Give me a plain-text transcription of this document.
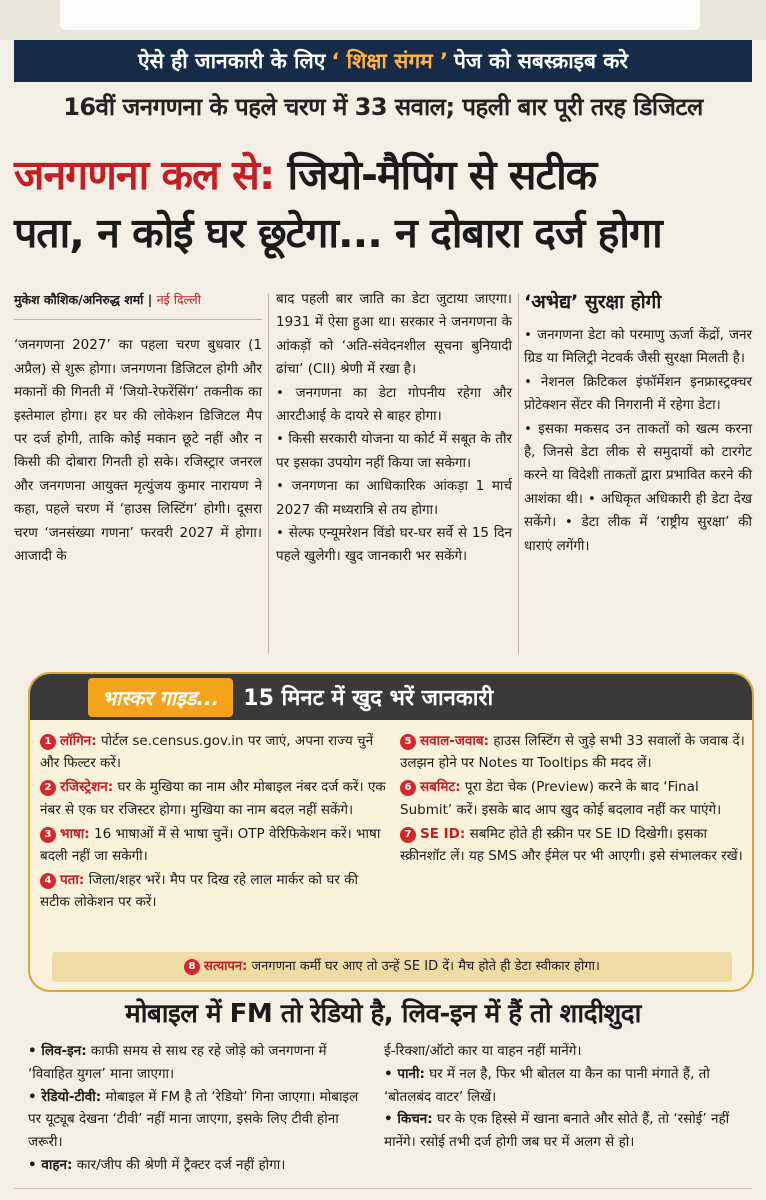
ऐसे ही जानकारी के लिए ‘ शिक्षा संगम ’ पेज को सबस्क्राइब करे
16वीं जनगणना के पहले चरण में 33 सवाल; पहली बार पूरी तरह डिजिटल
जनगणना कल से: जियो-मैपिंग से सटीक
पता, न कोई घर छूटेगा... न दोबारा दर्ज होगा
मुकेश कौशिक/अनिरुद्ध शर्मा | नई दिल्ली

‘जनगणना 2027’ का पहला चरण बुधवार (1 अप्रैल) से शुरू होगा। जनगणना डिजिटल होगी और मकानों की गिनती में ‘जियो-रेफरेंसिंग’ तकनीक का इस्तेमाल होगा। हर घर की लोकेशन डिजिटल मैप पर दर्ज होगी, ताकि कोई मकान छूटे नहीं और न किसी की दोबारा गिनती हो सके। रजिस्ट्रार जनरल और जनगणना आयुक्त मृत्युंजय कुमार नारायण ने कहा, पहले चरण में ‘हाउस लिस्टिंग’ होगी। दूसरा चरण ‘जनसंख्या गणना’ फरवरी 2027 में होगा। आजादी के

बाद पहली बार जाति का डेटा जुटाया जाएगा। 1931 में ऐसा हुआ था। सरकार ने जनगणना के आंकड़ों को ‘अति-संवेदनशील सूचना बुनियादी ढांचा’ (CII) श्रेणी में रखा है।

• जनगणना का डेटा गोपनीय रहेगा और आरटीआई के दायरे से बाहर होगा।

• किसी सरकारी योजना या कोर्ट में सबूत के तौर पर इसका उपयोग नहीं किया जा सकेगा।

• जनगणना का आधिकारिक आंकड़ा 1 मार्च 2027 की मध्यरात्रि से तय होगा।

• सेल्फ एन्यूमरेशन विंडो घर-घर सर्वे से 15 दिन पहले खुलेगी। खुद जानकारी भर सकेंगे।

‘अभेद्य’ सुरक्षा होगी

• जनगणना डेटा को परमाणु ऊर्जा केंद्रों, जनर ग्रिड या मिलिट्री नेटवर्क जैसी सुरक्षा मिलती है।

• नेशनल क्रिटिकल इंफॉर्मेशन इनफ्रास्ट्रक्चर प्रोटेक्शन सेंटर की निगरानी में रहेगा डेटा।

• इसका मकसद उन ताकतों को खत्म करना है, जिनसे डेटा लीक से समुदायों को टारगेट करने या विदेशी ताकतों द्वारा प्रभावित करने की आशंका थी। • अधिकृत अधिकारी ही डेटा देख सकेंगे। • डेटा लीक में ‘राष्ट्रीय सुरक्षा’ की धाराएं लगेंगी।

भास्कर गाइड...	15 मिनट में खुद भरें जानकारी
1 लॉगिन: पोर्टल se.census.gov.in पर जाएं, अपना राज्य चुनें और फिल्टर करें।
2 रजिस्ट्रेशन: घर के मुखिया का नाम और मोबाइल नंबर दर्ज करें। एक नंबर से एक घर रजिस्टर होगा। मुखिया का नाम बदल नहीं सकेंगे।
3 भाषा: 16 भाषाओं में से भाषा चुनें। OTP वेरिफिकेशन करें। भाषा बदली नहीं जा सकेगी।
4 पता: जिला/शहर भरें। मैप पर दिख रहे लाल मार्कर को घर की सटीक लोकेशन पर करें।
5 सवाल-जवाब: हाउस लिस्टिंग से जुड़े सभी 33 सवालों के जवाब दें। उलझन होने पर Notes या Tooltips की मदद लें।
6 सबमिट: पूरा डेटा चेक (Preview) करने के बाद ‘Final Submit’ करें। इसके बाद आप खुद कोई बदलाव नहीं कर पाएंगे।
7 SE ID: सबमिट होते ही स्क्रीन पर SE ID दिखेगी। इसका स्क्रीनशॉट लें। यह SMS और ईमेल पर भी आएगी। इसे संभालकर रखें।
8 सत्यापन: जनगणना कर्मी घर आए तो उन्हें SE ID दें। मैच होते ही डेटा स्वीकार होगा।
मोबाइल में FM तो रेडियो है, लिव-इन में हैं तो शादीशुदा

• लिव-इन: काफी समय से साथ रह रहे जोड़े को जनगणना में ‘विवाहित युगल’ माना जाएगा।

• रेडियो-टीवी: मोबाइल में FM है तो ‘रेडियो’ गिना जाएगा। मोबाइल पर यूट्यूब देखना ‘टीवी’ नहीं माना जाएगा, इसके लिए टीवी होना जरूरी।

• वाहन: कार/जीप की श्रेणी में ट्रैक्टर दर्ज नहीं होगा।

ई-रिक्शा/ऑटो कार या वाहन नहीं मानेंगे।

• पानी: घर में नल है, फिर भी बोतल या कैन का पानी मंगाते हैं, तो ‘बोतलबंद वाटर’ लिखें।

• किचन: घर के एक हिस्से में खाना बनाते और सोते हैं, तो ‘रसोई’ नहीं मानेंगे। रसोई तभी दर्ज होगी जब घर में अलग से हो।
